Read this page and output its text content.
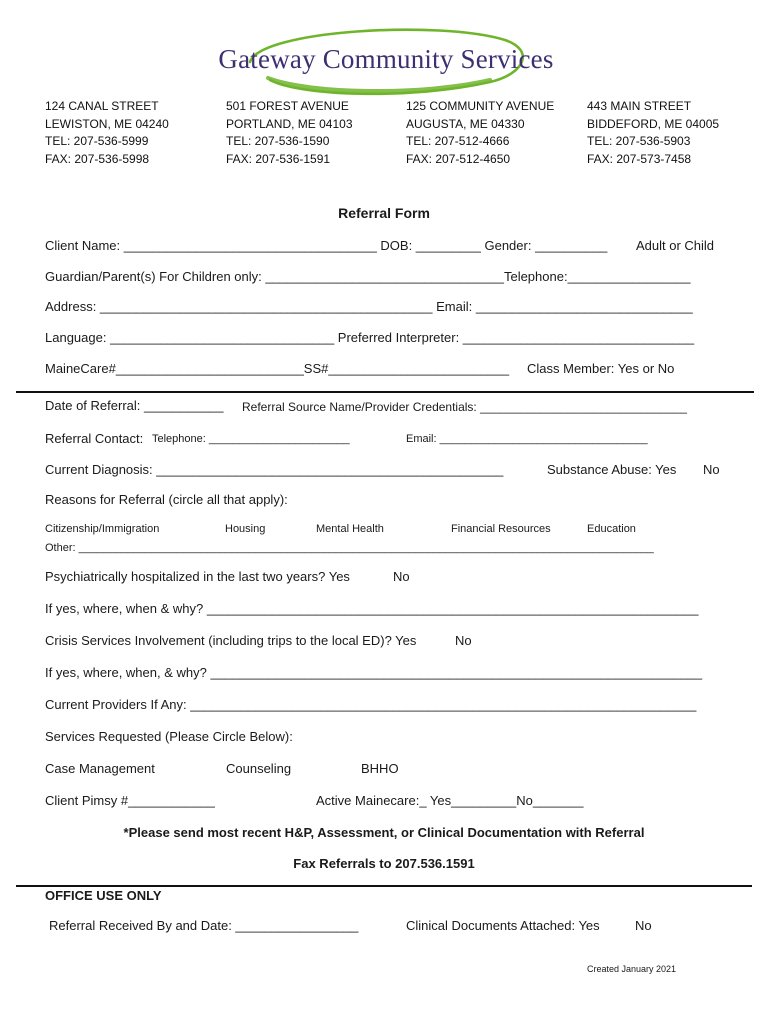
Gateway Community Services
124 CANAL STREET
LEWISTON, ME 04240
TEL: 207-536-5999
FAX: 207-536-5998
501 FOREST AVENUE
PORTLAND, ME 04103
TEL: 207-536-1590
FAX: 207-536-1591
125 COMMUNITY AVENUE
AUGUSTA, ME 04330
TEL: 207-512-4666
FAX: 207-512-4650
443 MAIN STREET
BIDDEFORD, ME 04005
TEL: 207-536-5903
FAX: 207-573-7458
Referral Form
Client Name: ___________________________________ DOB: _________ Gender: __________ Adult or Child
Guardian/Parent(s) For Children only: _________________________________Telephone:_________________
Address: ______________________________________________ Email: ______________________________
Language: _______________________________ Preferred Interpreter: ________________________________
MaineCare#__________________________SS#_________________________ Class Member: Yes or No
Date of Referral: ___________ Referral Source Name/Provider Credentials: _______________________________
Referral Contact: Telephone: _______________________	Email: __________________________________
Current Diagnosis: ________________________________________________	Substance Abuse: Yes No
Reasons for Referral (circle all that apply):
Citizenship/Immigration	Housing	Mental Health	Financial Resources	Education
Other: ______________________________________________________________________________________________
Psychiatrically hospitalized in the last two years? Yes	No
If yes, where, when & why? ____________________________________________________________________
Crisis Services Involvement (including trips to the local ED)? Yes	No
If yes, where, when, & why? ____________________________________________________________________
Current Providers If Any: ______________________________________________________________________
Services Requested (Please Circle Below):
Case Management	Counseling	BHHO
Client Pimsy #____________	Active Mainecare:_ Yes_________No_______
*Please send most recent H&P, Assessment, or Clinical Documentation with Referral
Fax Referrals to 207.536.1591
OFFICE USE ONLY
Referral Received By and Date: _________________	Clinical Documents Attached: Yes	No
Created January 2021
